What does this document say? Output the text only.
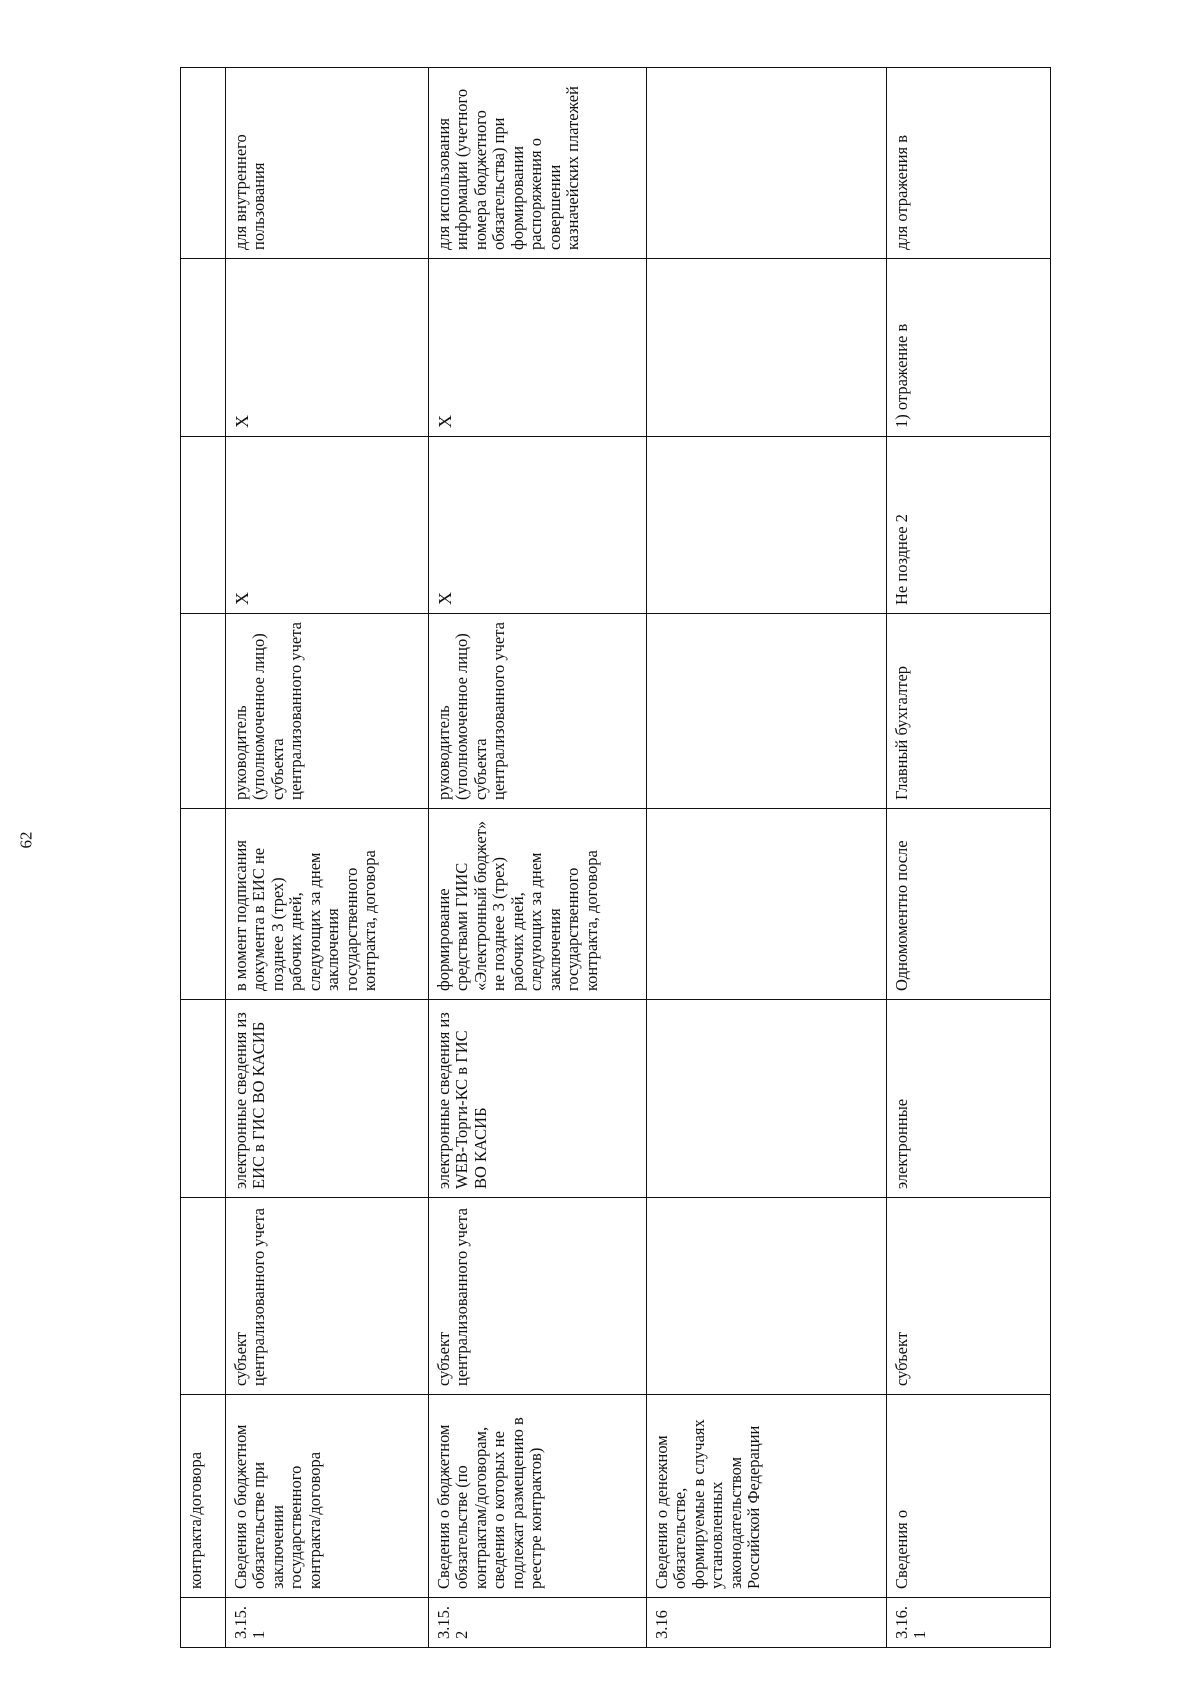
62
	контракта/договора							
3.15.1	Сведения о бюджетном обязательстве при заключении государственного контракта/договора	субъект централизованного учета	электронные сведения из ЕИС в ГИС ВО КАСИБ	в момент подписания документа в ЕИС не позднее 3 (трех) рабочих дней, следующих за днем заключения государственного контракта, договора	руководитель (уполномоченное лицо) субъекта централизованного учета	Х	Х	для внутреннего пользования
3.15.2	Сведения о бюджетном обязательстве (по контрактам/договорам, сведения о которых не подлежат размещению в реестре контрактов)	субъект централизованного учета	электронные сведения из WEB-Торги-КС в ГИС ВО КАСИБ	формирование средствами ГИИС «Электронный бюджет» не позднее 3 (трех) рабочих дней, следующих за днем заключения государственного контракта, договора	руководитель (уполномоченное лицо) субъекта централизованного учета	Х	Х	для использования информации (учетного номера бюджетного обязательства) при формировании распоряжения о совершении казначейских платежей
3.16	Сведения о денежном обязательстве, формируемые в случаях установленных законодательством Российской Федерации							
3.16.1	Сведения о	субъект	электронные	Одномоментно после	Главный бухгалтер	Не позднее 2	1) отражение в	для отражения в
